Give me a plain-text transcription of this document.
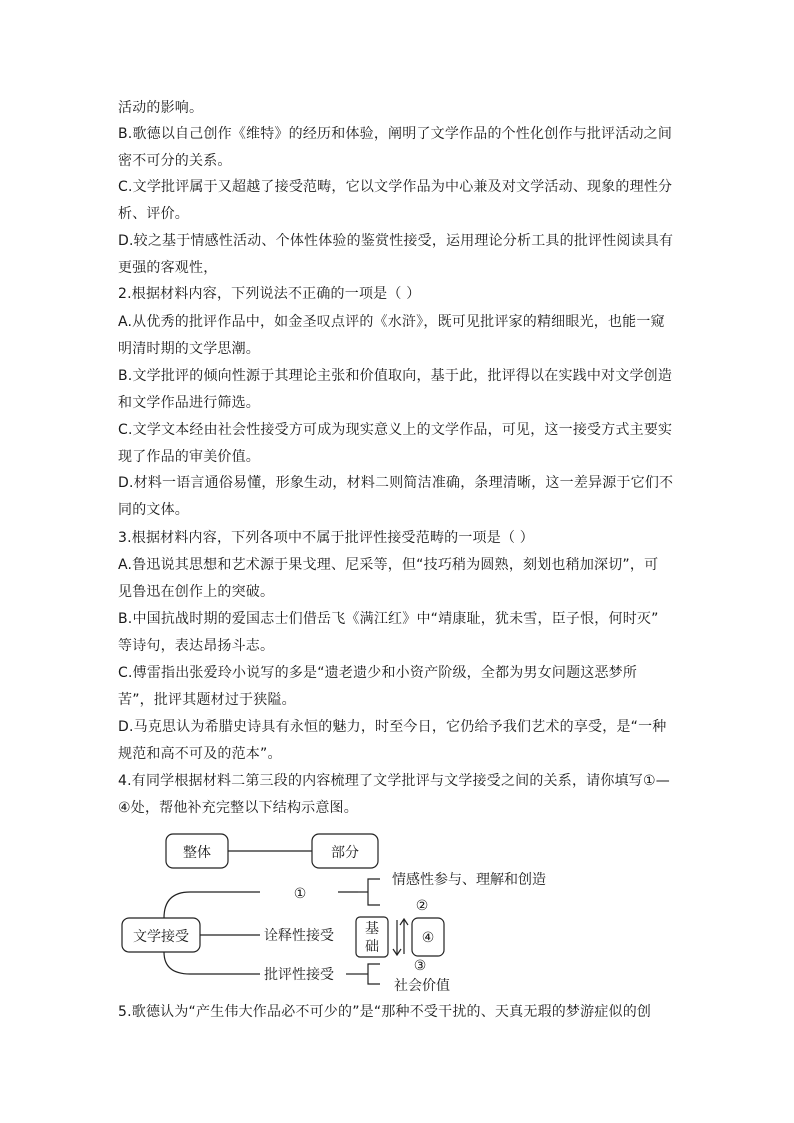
活动的影响。
B.歌德以自己创作《维特》的经历和体验，阐明了文学作品的个性化创作与批评活动之间
密不可分的关系。
C.文学批评属于又超越了接受范畴，它以文学作品为中心兼及对文学活动、现象的理性分
析、评价。
D.较之基于情感性活动、个体性体验的鉴赏性接受，运用理论分析工具的批评性阅读具有
更强的客观性，
2.根据材料内容，下列说法不正确的一项是（ ）
A.从优秀的批评作品中，如金圣叹点评的《水浒》，既可见批评家的精细眼光，也能一窥
明清时期的文学思潮。
B.文学批评的倾向性源于其理论主张和价值取向，基于此，批评得以在实践中对文学创造
和文学作品进行筛选。
C.文学文本经由社会性接受方可成为现实意义上的文学作品，可见，这一接受方式主要实
现了作品的审美价值。
D.材料一语言通俗易懂，形象生动，材料二则简洁准确，条理清晰，这一差异源于它们不
同的文体。
3.根据材料内容，下列各项中不属于批评性接受范畴的一项是（ ）
A.鲁迅说其思想和艺术源于果戈理、尼采等，但“技巧稍为圆熟，刻划也稍加深切”，可
见鲁迅在创作上的突破。
B.中国抗战时期的爱国志士们借岳飞《满江红》中“靖康耻，犹未雪，臣子恨，何时灭”
等诗句，表达昂扬斗志。
C.傅雷指出张爱玲小说写的多是“遗老遗少和小资产阶级，全都为男女问题这恶梦所
苦”，批评其题材过于狭隘。
D.马克思认为希腊史诗具有永恒的魅力，时至今日，它仍给予我们艺术的享受，是“一种
规范和高不可及的范本”。
4.有同学根据材料二第三段的内容梳理了文学批评与文学接受之间的关系，请你填写①—
④处，帮他补充完整以下结构示意图。
整体	部分
文学接受
①
情感性参与、理解和创造
②
诠释性接受 基
础
④
批评性接受
③
社会价值
5.歌德认为“产生伟大作品必不可少的”是“那种不受干扰的、天真无瑕的梦游症似的创
